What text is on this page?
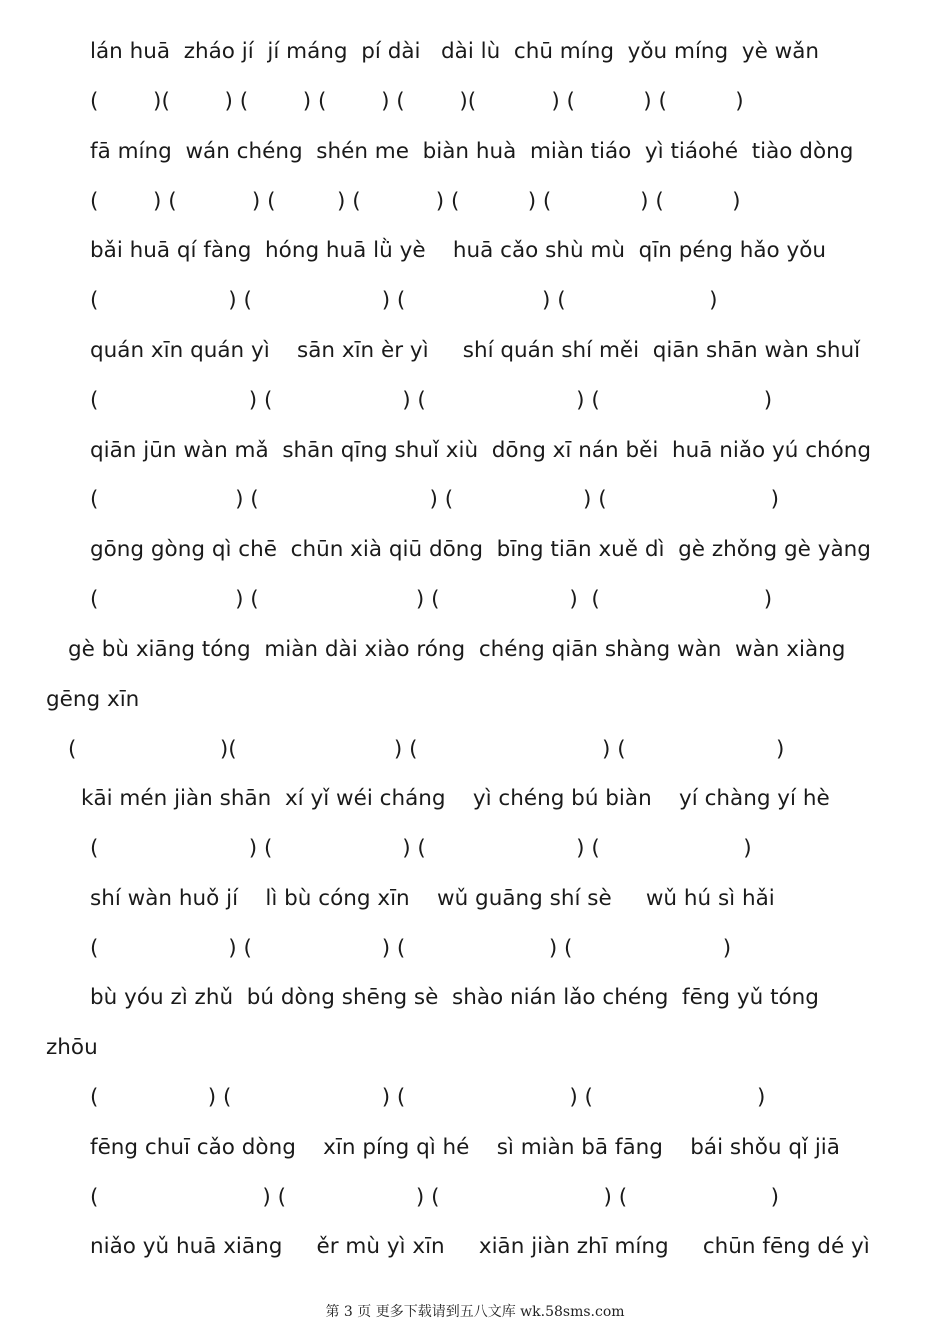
lán huā  zháo jí  jí máng  pí dài   dài lù  chū míng  yǒu míng  yè wǎn
(        )(        ) (        ) (        ) (        )(           ) (          ) (          )
fā míng  wán chéng  shén me  biàn huà  miàn tiáo  yì tiáohé  tiào dòng
(        ) (           ) (         ) (           ) (          ) (             ) (          )
bǎi huā qí fàng  hóng huā lǜ yè    huā cǎo shù mù  qīn péng hǎo yǒu
(                   ) (                   ) (                    ) (                     )
quán xīn quán yì    sān xīn èr yì     shí quán shí měi  qiān shān wàn shuǐ
(                      ) (                   ) (                      ) (                        )
qiān jūn wàn mǎ  shān qīng shuǐ xiù  dōng xī nán běi  huā niǎo yú chóng
(                    ) (                         ) (                   ) (                        )
gōng gòng qì chē  chūn xià qiū dōng  bīng tiān xuě dì  gè zhǒng gè yàng
(                    ) (                       ) (                   )  (                        )
gè bù xiāng tóng  miàn dài xiào róng  chéng qiān shàng wàn  wàn xiàng
gēng xīn
(                     )(                       ) (                           ) (                      )
kāi mén jiàn shān  xí yǐ wéi cháng    yì chéng bú biàn    yí chàng yí hè
(                      ) (                   ) (                      ) (                     )
shí wàn huǒ jí    lì bù cóng xīn    wǔ guāng shí sè     wǔ hú sì hǎi
(                   ) (                   ) (                     ) (                      )
bù yóu zì zhǔ  bú dòng shēng sè  shào nián lǎo chéng  fēng yǔ tóng
zhōu
(                ) (                      ) (                        ) (                        )
fēng chuī cǎo dòng    xīn píng qì hé    sì miàn bā fāng    bái shǒu qǐ jiā
(                        ) (                   ) (                        ) (                     )
niǎo yǔ huā xiāng     ěr mù yì xīn     xiān jiàn zhī míng     chūn fēng dé yì
第 3 页 更多下载请到五八文库 wk.58sms.com
